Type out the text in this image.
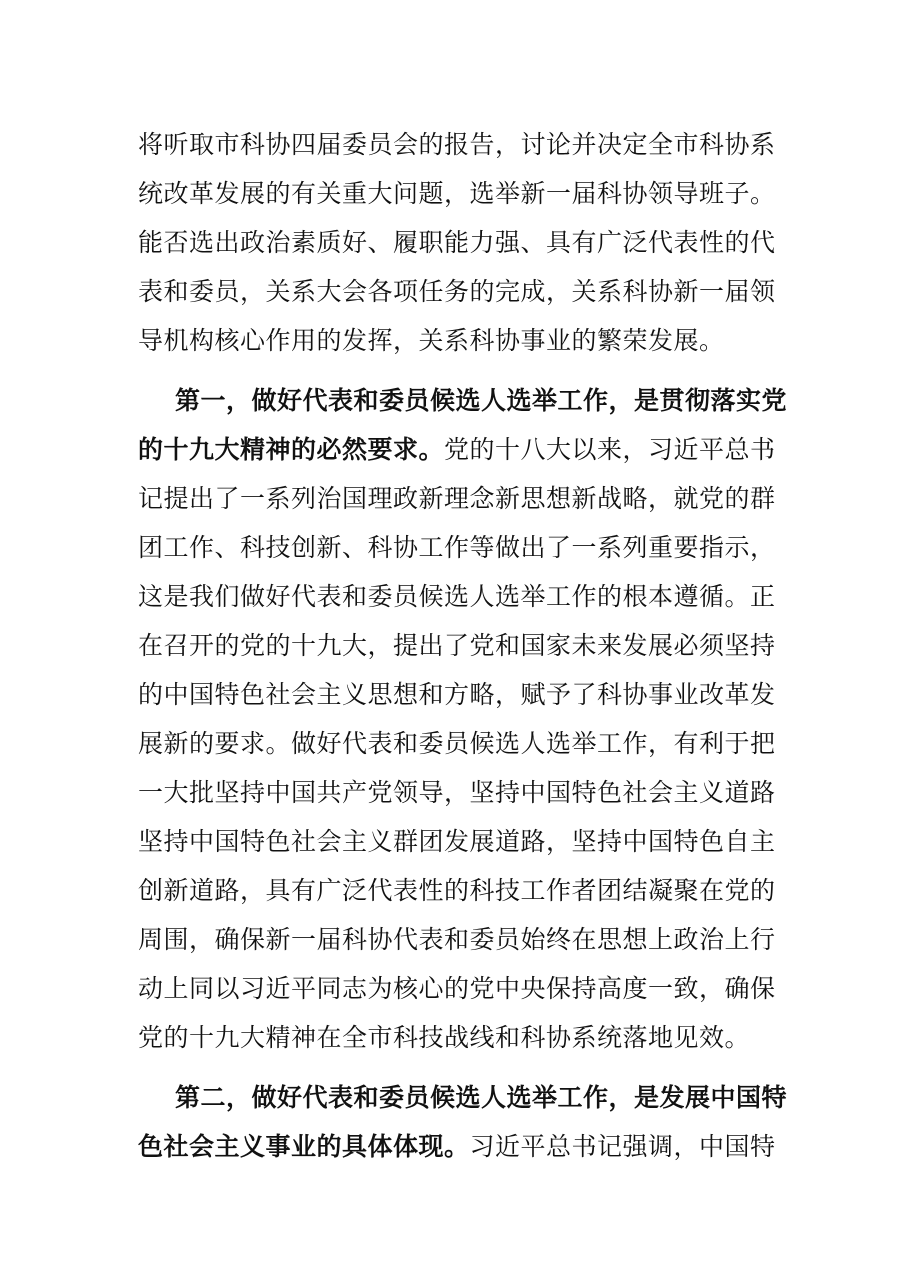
将听取市科协四届委员会的报告，讨论并决定全市科协系
统改革发展的有关重大问题，选举新一届科协领导班子。
能否选出政治素质好、履职能力强、具有广泛代表性的代
表和委员，关系大会各项任务的完成，关系科协新一届领
导机构核心作用的发挥，关系科协事业的繁荣发展。
第一，做好代表和委员候选人选举工作，是贯彻落实党
的十九大精神的必然要求。党的十八大以来，习近平总书
记提出了一系列治国理政新理念新思想新战略，就党的群
团工作、科技创新、科协工作等做出了一系列重要指示，
这是我们做好代表和委员候选人选举工作的根本遵循。正
在召开的党的十九大，提出了党和国家未来发展必须坚持
的中国特色社会主义思想和方略，赋予了科协事业改革发
展新的要求。做好代表和委员候选人选举工作，有利于把
一大批坚持中国共产党领导，坚持中国特色社会主义道路
坚持中国特色社会主义群团发展道路，坚持中国特色自主
创新道路，具有广泛代表性的科技工作者团结凝聚在党的
周围，确保新一届科协代表和委员始终在思想上政治上行
动上同以习近平同志为核心的党中央保持高度一致，确保
党的十九大精神在全市科技战线和科协系统落地见效。
第二，做好代表和委员候选人选举工作，是发展中国特
色社会主义事业的具体体现。习近平总书记强调，中国特
